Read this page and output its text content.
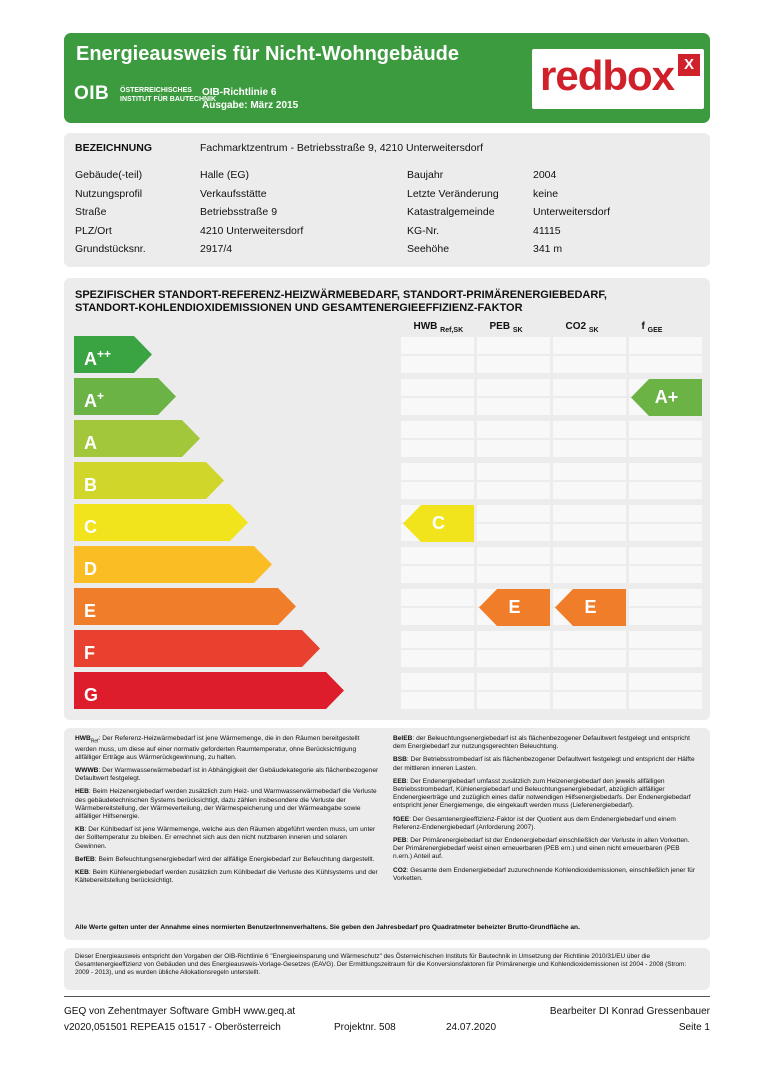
Energieausweis für Nicht-Wohngebäude
OIB ÖSTERREICHISCHES
INSTITUT FÜR BAUTECHNIK
OIB-Richtlinie 6
Ausgabe: März 2015
redbox X
BEZEICHNUNG	Fachmarktzentrum - Betriebsstraße 9, 4210 Unterweitersdorf
Gebäude(-teil)	Halle (EG)	Baujahr	2004
Nutzungsprofil	Verkaufsstätte	Letzte Veränderung	keine
Straße	Betriebsstraße 9	Katastralgemeinde	Unterweitersdorf
PLZ/Ort	4210 Unterweitersdorf	KG-Nr.	41115
Grundstücksnr.	2917/4	Seehöhe	341 m
SPEZIFISCHER STANDORT-REFERENZ-HEIZWÄRMEBEDARF, STANDORT-PRIMÄRENERGIEBEDARF,
STANDORT-KOHLENDIOXIDEMISSIONEN UND GESAMTENERGIEEFFIZIENZ-FAKTOR
HWB $_{Ref,SK}$	PEB $_{SK}$	CO2 $_{SK}$	f $_{GEE}$
A++
A+
A
B
C
D
E
F
G
C
E	E
A+

$HWB_{Ref}$: Der Referenz-Heizwärmebedarf ist jene Wärmemenge, die in den Räumen bereitgestellt werden muss, um diese auf einer normativ geforderten Raumtemperatur, ohne Berücksichtigung allfälliger Erträge aus Wärmerückgewinnung, zu halten.

WWWB: Der Warmwasserwärmebedarf ist in Abhängigkeit der Gebäudekategorie als flächenbezogener Defaultwert festgelegt.

HEB: Beim Heizenergiebedarf werden zusätzlich zum Heiz- und Warmwasserwärmebedarf die Verluste des gebäudetechnischen Systems berücksichtigt, dazu zählen insbesondere die Verluste der Wärmebereitstellung, der Wärmeverteilung, der Wärmespeicherung und der Wärmeabgabe sowie allfälliger Hilfsenergie.

KB: Der Kühlbedarf ist jene Wärmemenge, welche aus den Räumen abgeführt werden muss, um unter der Solltemperatur zu bleiben. Er errechnet sich aus den nicht nutzbaren inneren und solaren Gewinnen.

BefEB: Beim Befeuchtungsenergiebedarf wird der allfällige Energiebedarf zur Befeuchtung dargestellt.

KEB: Beim Kühlenergiebedarf werden zusätzlich zum Kühlbedarf die Verluste des Kühlsystems und der Kältebereitstellung berücksichtigt.

BelEB: der Beleuchtungsenergiebedarf ist als flächenbezogener Defaultwert festgelegt und entspricht dem Energiebedarf zur nutzungsgerechten Beleuchtung.

BSB: Der Betriebsstrombedarf ist als flächenbezogener Defaultwert festgelegt und entspricht der Hälfte der mittleren inneren Lasten.

EEB: Der Endenergiebedarf umfasst zusätzlich zum Heizenergiebedarf den jeweils allfälligen Betriebsstrombedarf, Kühlenergiebedarf und Beleuchtungsenergiebedarf, abzüglich allfälliger Endenergieerträge und zuzüglich eines dafür notwendigen Hilfsenergiebedarfs. Der Endenergiebedarf entspricht jener Energiemenge, die eingekauft werden muss (Lieferenergiebedarf).

fGEE: Der Gesamtenergieeffizienz-Faktor ist der Quotient aus dem Endenergiebedarf und einem Referenz-Endenergiebedarf (Anforderung 2007).

PEB: Der Primärenergiebedarf ist der Endenergiebedarf einschließlich der Verluste in allen Vorketten. Der Primärenergiebedarf weist einen erneuerbaren (PEB ern.) und einen nicht erneuerbaren (PEB n.ern.) Anteil auf.

CO2: Gesamte dem Endenergiebedarf zuzurechnende Kohlendioxidemissionen, einschließlich jener für Vorketten.

Alle Werte gelten unter der Annahme eines normierten BenutzerInnenverhaltens. Sie geben den Jahresbedarf pro Quadratmeter beheizter Brutto-Grundfläche an.
Dieser Energieausweis entspricht den Vorgaben der OIB-Richtlinie 6 "Energieeinsparung und Wärmeschutz" des Österreichischen Instituts für Bautechnik in Umsetzung der Richtlinie 2010/31/EU über die Gesamtenergieeffizienz von Gebäuden und des Energieausweis-Vorlage-Gesetzes (EAVG). Der Ermittlungszeitraum für die Konversionsfaktoren für Primärenergie und Kohlendioxidemissionen ist 2004 - 2008 (Strom: 2009 - 2013), und es wurden übliche Allokationsregeln unterstellt.
GEQ von Zehentmayer Software GmbH www.geq.at	Bearbeiter DI Konrad Gressenbauer
v2020,051501 REPEA15 o1517 - Oberösterreich	Projektnr. 508	24.07.2020	Seite 1
